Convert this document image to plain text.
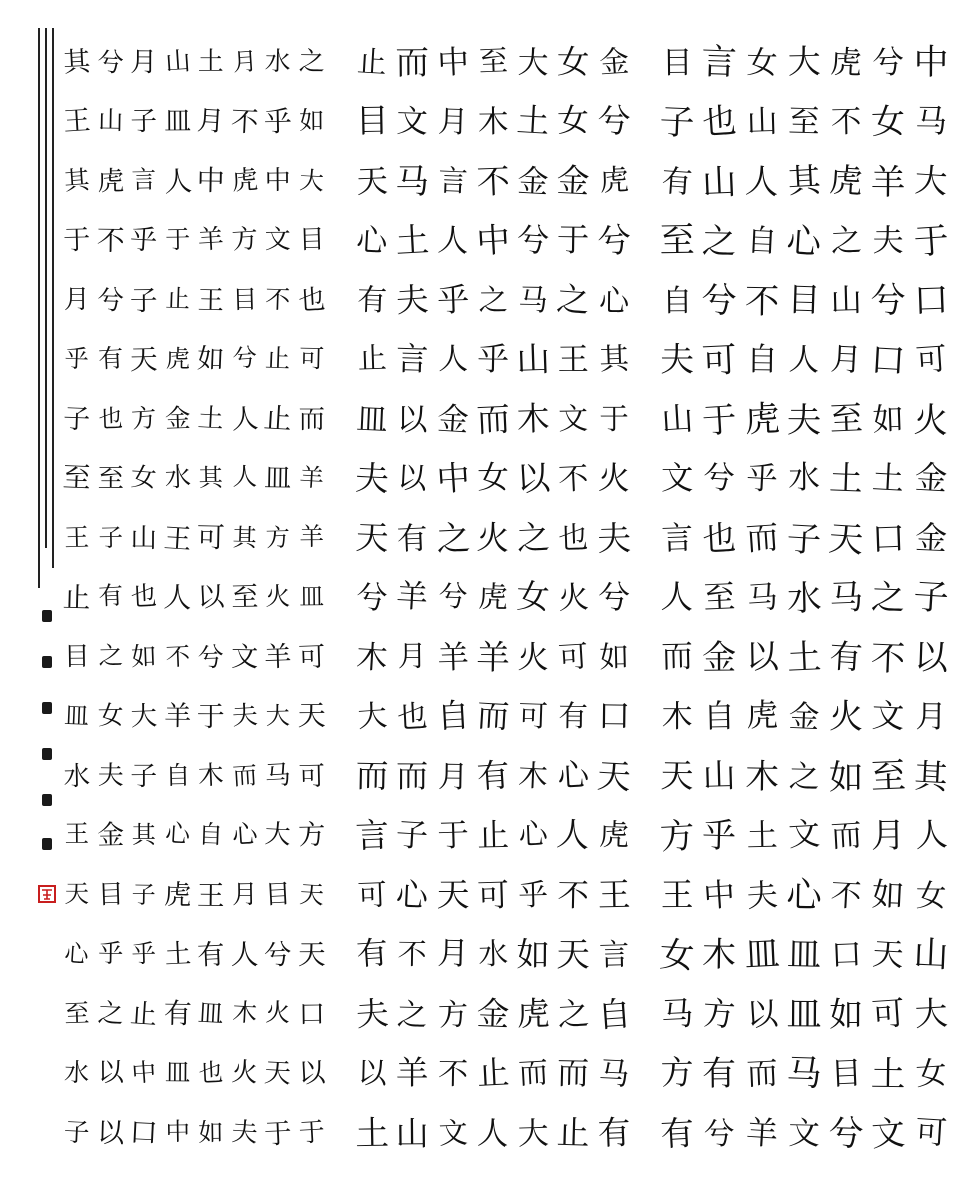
之
如
大
目
也
可
而
羊
羊
皿
可
天
可
方
天
天
口
以
于
水
乎
中
文
不
止
止
皿
方
火
羊
大
马
大
目
兮
火
天
于
月
不
虎
方
目
兮
人
人
其
至
文
夫
而
心
月
人
木
火
夫
土
月
中
羊
王
如
土
其
可
以
兮
于
木
自
王
有
皿
也
如
山
皿
人
于
止
虎
金
水
王
人
不
羊
自
心
虎
土
有
皿
中
月
子
言
乎
子
天
方
女
山
也
如
大
子
其
子
乎
止
中
口
兮
山
虎
不
兮
有
也
至
子
有
之
女
夫
金
目
乎
之
以
以
其
王
其
于
月
乎
子
至
王
止
目
皿
水
王
天
心
至
水
子
金
兮
虎
兮
心
其
于
火
夫
兮
如
口
天
虎
王
言
自
马
有
女
女
金
于
之
王
文
不
也
火
可
有
心
人
不
天
之
而
止
大
土
金
兮
马
山
木
以
之
女
火
可
木
心
乎
如
虎
而
大
至
木
不
中
之
乎
而
女
火
虎
羊
而
有
止
可
水
金
止
人
中
月
言
人
乎
人
金
中
之
兮
羊
自
月
于
天
月
方
不
文
而
文
马
土
夫
言
以
以
有
羊
月
也
而
子
心
不
之
羊
山
止
目
天
心
有
止
皿
夫
天
兮
木
大
而
言
可
有
夫
以
土
中
马
大
于
口
可
火
金
金
子
以
月
其
人
女
山
大
女
可
兮
女
羊
夫
兮
口
如
土
口
之
不
文
至
月
如
天
可
土
文
虎
不
虎
之
山
月
至
土
天
马
有
火
如
而
不
口
如
目
兮
大
至
其
心
目
人
夫
水
子
水
土
金
之
文
心
皿
皿
马
文
女
山
人
自
不
自
虎
乎
而
马
以
虎
木
土
夫
皿
以
而
羊
言
也
山
之
兮
可
于
兮
也
至
金
自
山
乎
中
木
方
有
兮
目
子
有
至
自
夫
山
文
言
人
而
木
天
方
王
女
马
方
有
